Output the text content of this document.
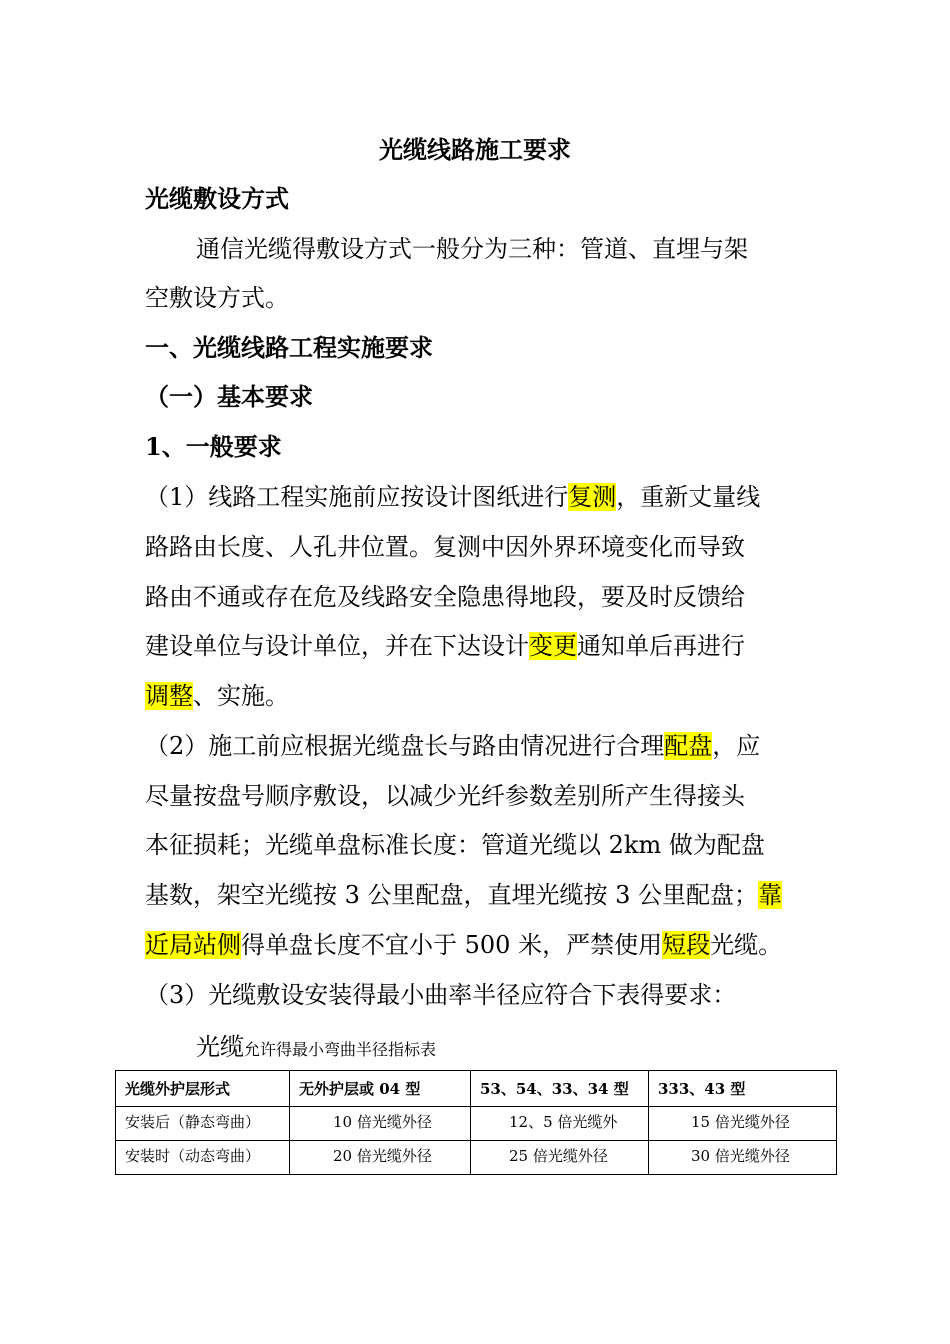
光缆线路施工要求
光缆敷设方式
通信光缆得敷设方式一般分为三种：管道、直埋与架
空敷设方式。
一、光缆线路工程实施要求
（一）基本要求
1、一般要求
（1）线路工程实施前应按设计图纸进行复测，重新丈量线
路路由长度、人孔井位置。复测中因外界环境变化而导致
路由不通或存在危及线路安全隐患得地段，要及时反馈给
建设单位与设计单位，并在下达设计变更通知单后再进行
调整、实施。
（2）施工前应根据光缆盘长与路由情况进行合理配盘，应
尽量按盘号顺序敷设，以减少光纤参数差别所产生得接头
本征损耗；光缆单盘标准长度：管道光缆以 2km 做为配盘
基数，架空光缆按 3 公里配盘，直埋光缆按 3 公里配盘；靠
近局站侧得单盘长度不宜小于 500 米，严禁使用短段光缆。
（3）光缆敷设安装得最小曲率半径应符合下表得要求：
光缆允许得最小弯曲半径指标表
光缆外护层形式	无外护层或 04 型	53、54、33、34 型	333、43 型

安装后（静态弯曲）	10 倍光缆外径	12、5 倍光缆外	15 倍光缆外径

安装时（动态弯曲）	20 倍光缆外径	25 倍光缆外径	30 倍光缆外径
